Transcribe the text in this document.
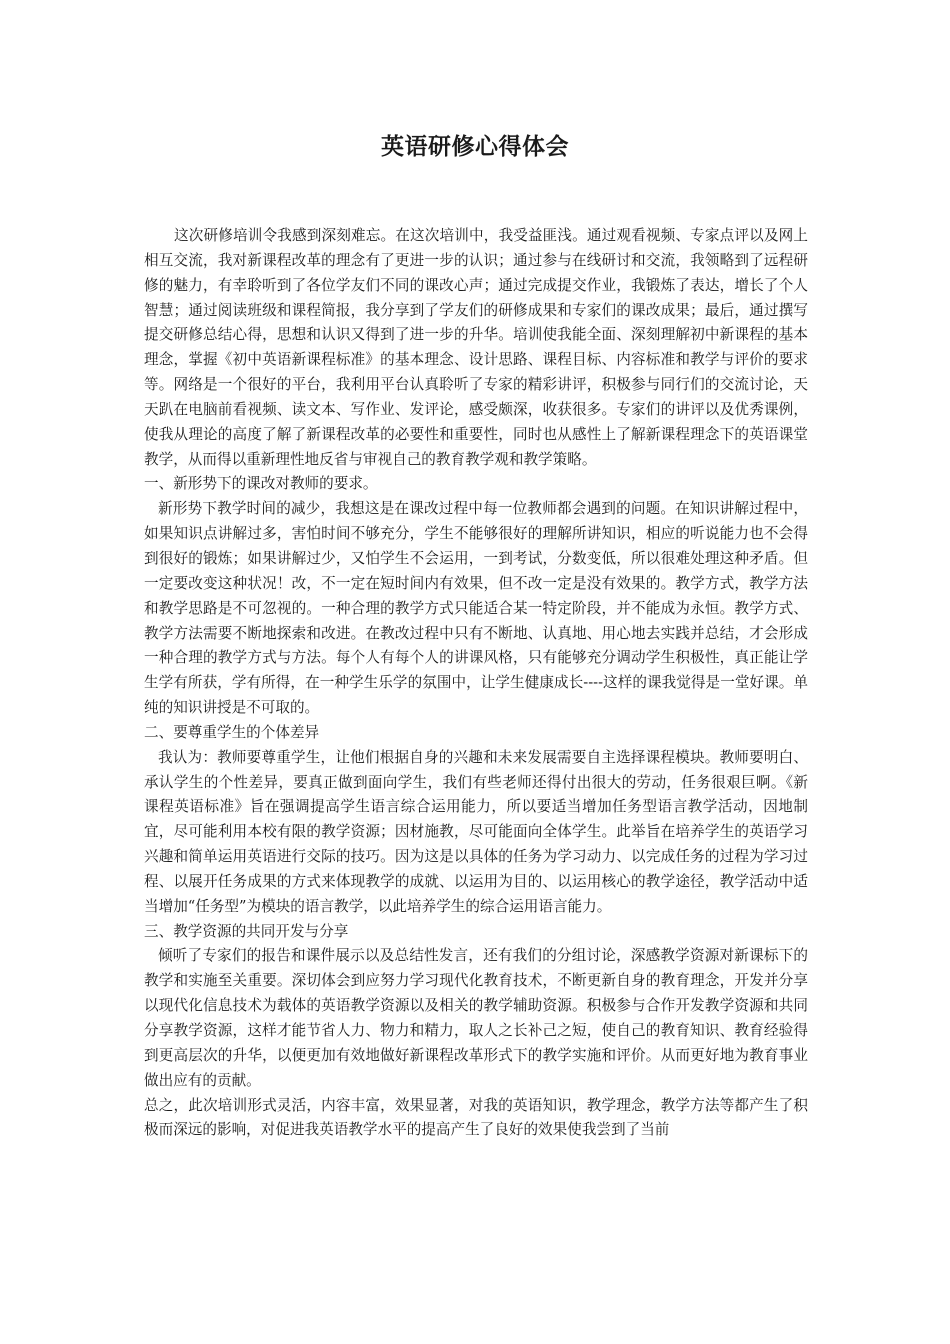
英语研修心得体会

这次研修培训令我感到深刻难忘。在这次培训中，我受益匪浅。通过观看视频、专家点评以及网上相互交流，我对新课程改革的理念有了更进一步的认识；通过参与在线研讨和交流，我领略到了远程研修的魅力，有幸聆听到了各位学友们不同的课改心声；通过完成提交作业，我锻炼了表达，增长了个人智慧；通过阅读班级和课程简报，我分享到了学友们的研修成果和专家们的课改成果；最后，通过撰写提交研修总结心得，思想和认识又得到了进一步的升华。培训使我能全面、深刻理解初中新课程的基本理念，掌握《初中英语新课程标准》的基本理念、设计思路、课程目标、内容标准和教学与评价的要求等。网络是一个很好的平台，我利用平台认真聆听了专家的精彩讲评，积极参与同行们的交流讨论，天天趴在电脑前看视频、读文本、写作业、发评论，感受颇深，收获很多。专家们的讲评以及优秀课例，使我从理论的高度了解了新课程改革的必要性和重要性，同时也从感性上了解新课程理念下的英语课堂教学，从而得以重新理性地反省与审视自己的教育教学观和教学策略。

一、新形势下的课改对教师的要求。

新形势下教学时间的减少，我想这是在课改过程中每一位教师都会遇到的问题。在知识讲解过程中，如果知识点讲解过多，害怕时间不够充分，学生不能够很好的理解所讲知识，相应的听说能力也不会得到很好的锻炼；如果讲解过少，又怕学生不会运用，一到考试，分数变低，所以很难处理这种矛盾。但一定要改变这种状况！改，不一定在短时间内有效果，但不改一定是没有效果的。教学方式，教学方法和教学思路是不可忽视的。一种合理的教学方式只能适合某一特定阶段，并不能成为永恒。教学方式、教学方法需要不断地探索和改进。在教改过程中只有不断地、认真地、用心地去实践并总结，才会形成一种合理的教学方式与方法。每个人有每个人的讲课风格，只有能够充分调动学生积极性，真正能让学生学有所获，学有所得，在一种学生乐学的氛围中，让学生健康成长----这样的课我觉得是一堂好课。单纯的知识讲授是不可取的。

二、要尊重学生的个体差异

我认为：教师要尊重学生，让他们根据自身的兴趣和未来发展需要自主选择课程模块。教师要明白、承认学生的个性差异，要真正做到面向学生，我们有些老师还得付出很大的劳动，任务很艰巨啊。《新课程英语标准》旨在强调提高学生语言综合运用能力，所以要适当增加任务型语言教学活动，因地制宜，尽可能利用本校有限的教学资源；因材施教，尽可能面向全体学生。此举旨在培养学生的英语学习兴趣和简单运用英语进行交际的技巧。因为这是以具体的任务为学习动力、以完成任务的过程为学习过程、以展开任务成果的方式来体现教学的成就、以运用为目的、以运用核心的教学途径，教学活动中适当增加“任务型”为模块的语言教学，以此培养学生的综合运用语言能力。

三、教学资源的共同开发与分享

倾听了专家们的报告和课件展示以及总结性发言，还有我们的分组讨论，深感教学资源对新课标下的教学和实施至关重要。深切体会到应努力学习现代化教育技术，不断更新自身的教育理念，开发并分享以现代化信息技术为载体的英语教学资源以及相关的教学辅助资源。积极参与合作开发教学资源和共同分享教学资源，这样才能节省人力、物力和精力，取人之长补己之短，使自己的教育知识、教育经验得到更高层次的升华，以便更加有效地做好新课程改革形式下的教学实施和评价。从而更好地为教育事业做出应有的贡献。

总之，此次培训形式灵活，内容丰富，效果显著，对我的英语知识，教学理念，教学方法等都产生了积极而深远的影响，对促进我英语教学水平的提高产生了良好的效果使我尝到了当前
